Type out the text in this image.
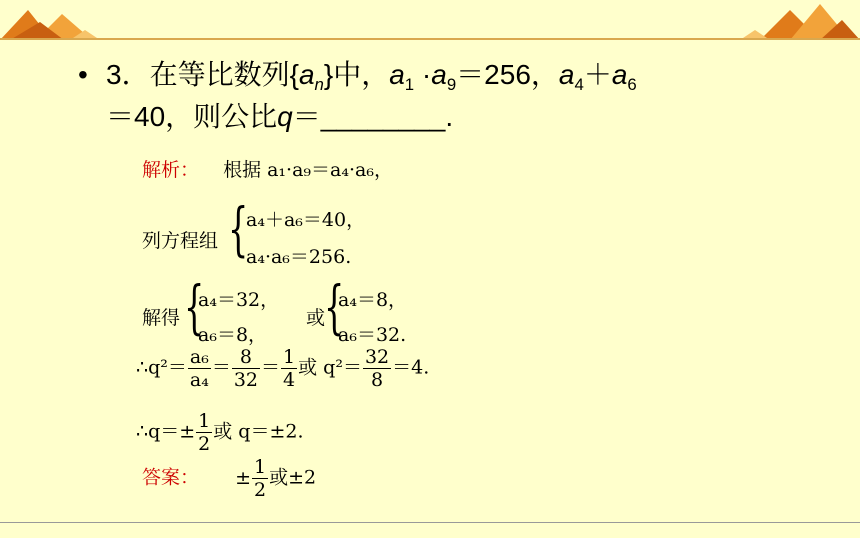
• 3．在等比数列$\{a_n\}$中，$a_1 \cdot a_9=256$，$a_4+a_6$
＝40，则公比q＝________.
解析： 根据 a₁·a₉＝a₄·a₆，
列方程组 {
a₄＋a₆＝40，
a₄·a₆＝256.
解得 {
a₄＝32，
a₆＝8，
或
{
a₄＝8，
a₆＝32.
∴q²＝ $\frac{\text{a₆}}{\text{a₄}} = \frac{8}{32} = \frac{1}{4}$ 或 $q^2= \frac{32}{8} =4$.
∴q＝± $\frac{1}{2}$ 或 q＝±2.
答案： ± $\frac{1}{2}$ 或±2
